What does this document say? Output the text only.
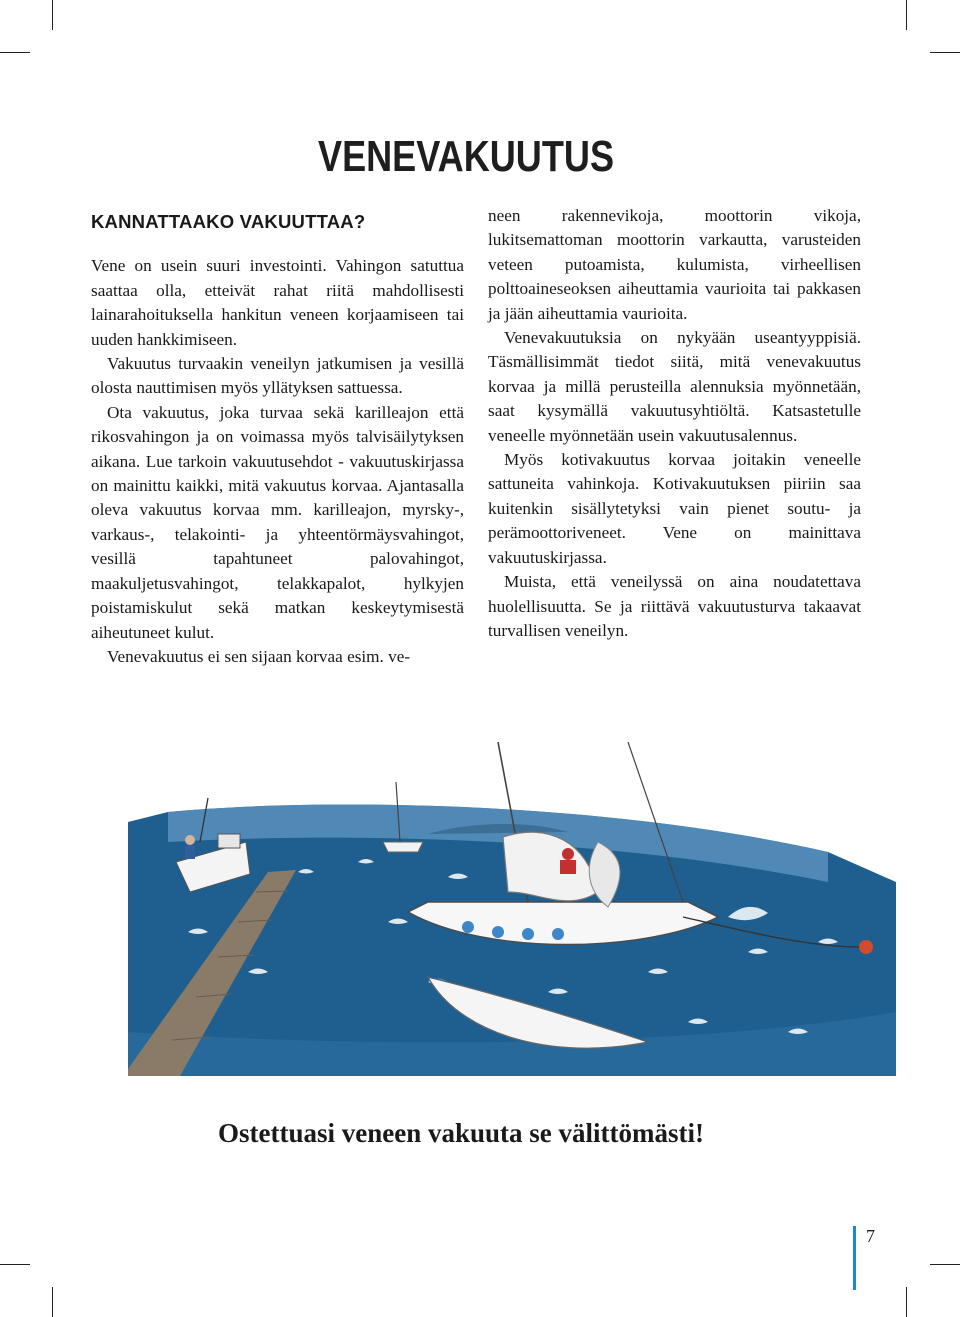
VENEVAKUUTUS
KANNATTAAKO VAKUUTTAA?

Vene on usein suuri investointi. Vahingon satuttua saattaa olla, etteivät rahat riitä mahdollisesti lainarahoituksella hankitun veneen korjaamiseen tai uuden hankkimiseen.

Vakuutus turvaakin veneilyn jatkumisen ja vesillä olosta nauttimisen myös yllätyksen sattuessa.

Ota vakuutus, joka turvaa sekä karilleajon että rikosvahingon ja on voimassa myös talvisäilytyksen aikana. Lue tarkoin vakuutusehdot - vakuutuskirjassa on mainittu kaikki, mitä vakuutus korvaa. Ajantasalla oleva vakuutus korvaa mm. karilleajon, myrsky-, varkaus-, telakointi- ja yhteentörmäysvahingot, vesillä tapahtuneet palovahingot, maakuljetusvahingot, telakkapalot, hylkyjen poistamiskulut sekä matkan keskeytymisestä aiheutuneet kulut.

Venevakuutus ei sen sijaan korvaa esim. ve-

neen rakennevikoja, moottorin vikoja, lukitsemattoman moottorin varkautta, varusteiden veteen putoamista, kulumista, virheellisen polttoaineseoksen aiheuttamia vaurioita tai pakkasen ja jään aiheuttamia vaurioita.

Venevakuutuksia on nykyään useantyyppisiä. Täsmällisimmät tiedot siitä, mitä venevakuutus korvaa ja millä perusteilla alennuksia myönnetään, saat kysymällä vakuutusyhtiöltä. Katsastetulle veneelle myönnetään usein vakuutusalennus.

Myös kotivakuutus korvaa joitakin veneelle sattuneita vahinkoja. Kotivakuutuksen piiriin saa kuitenkin sisällytetyksi vain pienet soutu- ja perämoottoriveneet. Vene on mainittava vakuutuskirjassa.

Muista, että veneilyssä on aina noudatettava huolellisuutta. Se ja riittävä vakuutusturva takaavat turvallisen veneilyn.

Ostettuasi veneen vakuuta se välittömästi!
7
